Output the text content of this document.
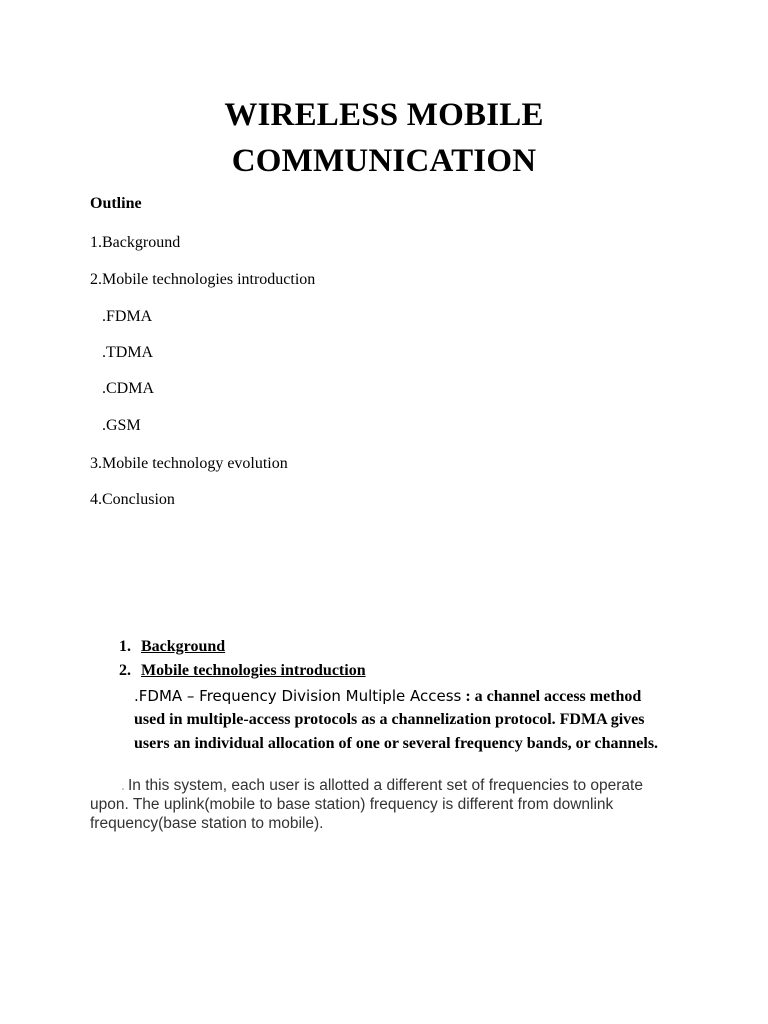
WIRELESS MOBILE
COMMUNICATION
Outline
1.Background
2.Mobile technologies introduction
.FDMA
.TDMA
.CDMA
.GSM
3.Mobile technology evolution
4.Conclusion
1. Background
2. Mobile technologies introduction
.FDMA – Frequency Division Multiple Access : a channel access method
used in multiple-access protocols as a channelization protocol. FDMA gives
users an individual allocation of one or several frequency bands, or channels.
. In this system, each user is allotted a different set of frequencies to operate upon. The uplink(mobile to base station) frequency is different from downlink frequency(base station to mobile).
